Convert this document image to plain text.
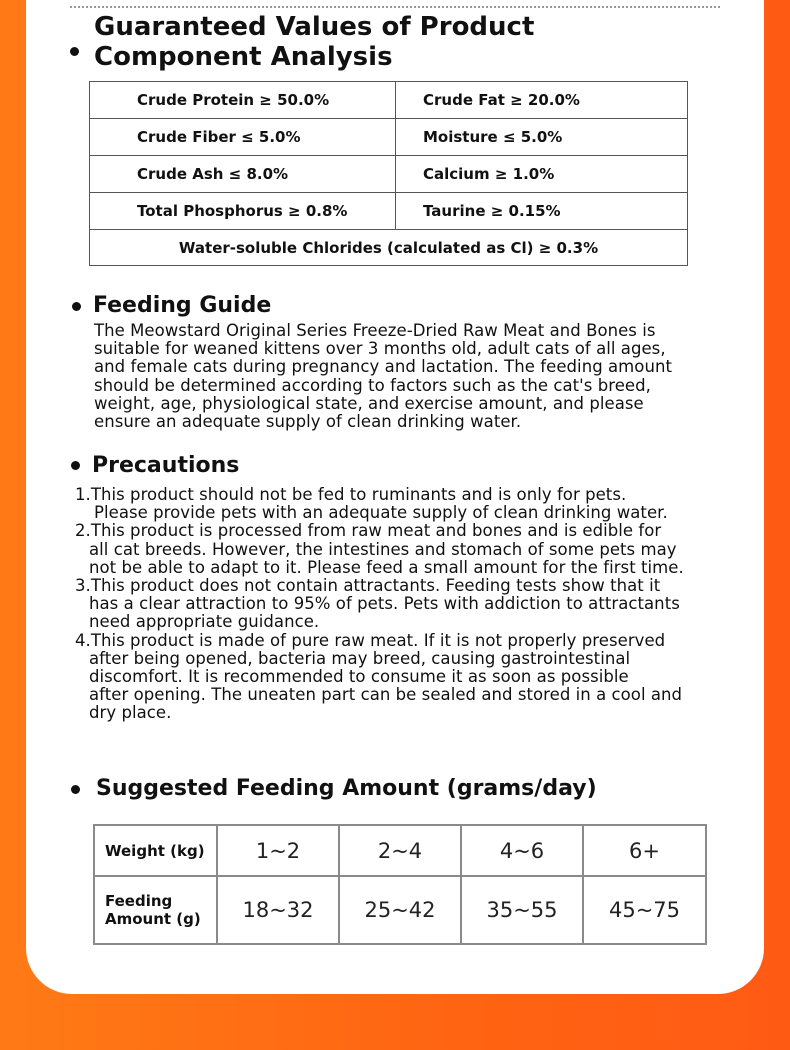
Guaranteed Values of Product
Component Analysis
Crude Protein ≥ 50.0%	Crude Fat ≥ 20.0%
Crude Fiber ≤ 5.0%	Moisture ≤ 5.0%
Crude Ash ≤ 8.0%	Calcium ≥ 1.0%
Total Phosphorus ≥ 0.8%	Taurine ≥ 0.15%
Water-soluble Chlorides (calculated as Cl) ≥ 0.3%	
Feeding Guide
The Meowstard Original Series Freeze-Dried Raw Meat and Bones is
suitable for weaned kittens over 3 months old, adult cats of all ages,
and female cats during pregnancy and lactation. The feeding amount
should be determined according to factors such as the cat's breed,
weight, age, physiological state, and exercise amount, and please
ensure an adequate supply of clean drinking water.
Precautions
1.This product should not be fed to ruminants and is only for pets.
Please provide pets with an adequate supply of clean drinking water.
2.This product is processed from raw meat and bones and is edible for
all cat breeds. However, the intestines and stomach of some pets may
not be able to adapt to it. Please feed a small amount for the first time.
3.This product does not contain attractants. Feeding tests show that it
has a clear attraction to 95% of pets. Pets with addiction to attractants
need appropriate guidance.
4.This product is made of pure raw meat. If it is not properly preserved
after being opened, bacteria may breed, causing gastrointestinal
discomfort. It is recommended to consume it as soon as possible
after opening. The uneaten part can be sealed and stored in a cool and
dry place.
Suggested Feeding Amount (grams/day)
Weight (kg)	1~2	2~4	4~6	6+

Feeding
Amount (g)	18~32	25~42	35~55	45~75
